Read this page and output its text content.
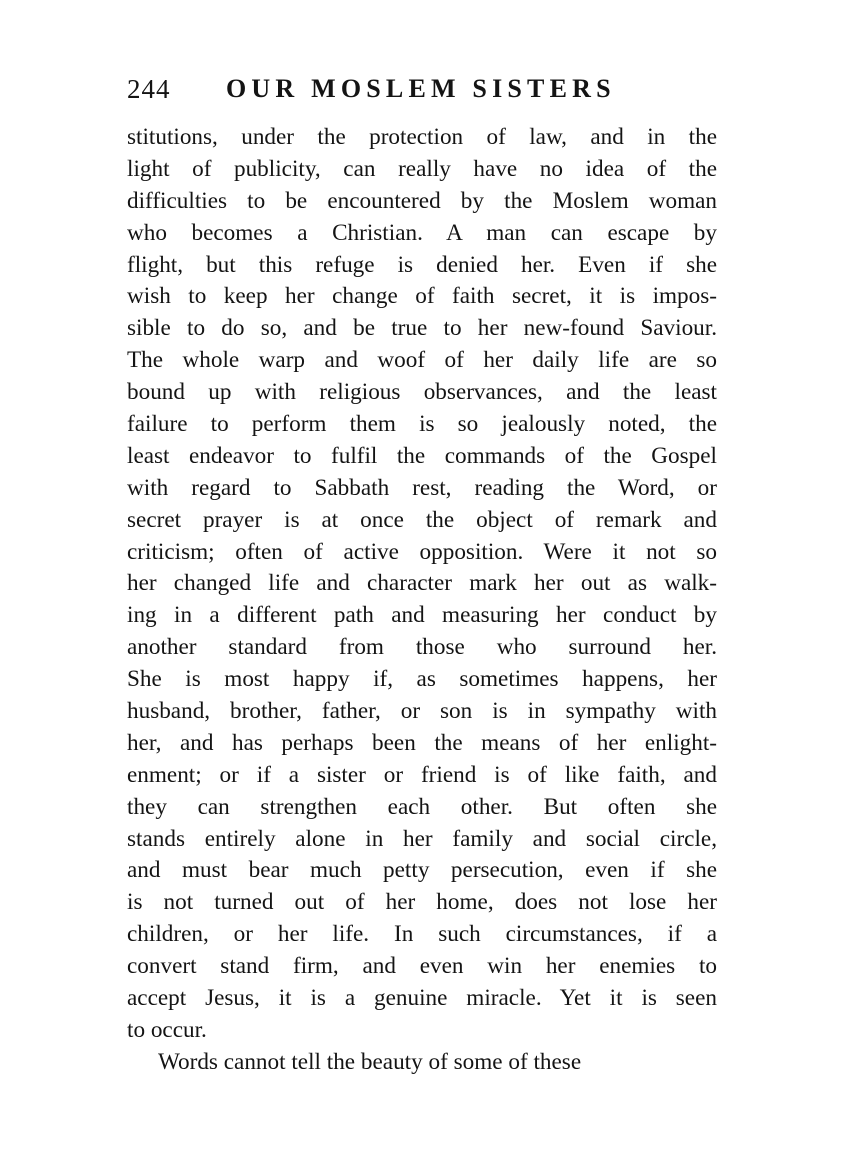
244 OUR MOSLEM SISTERS
stitutions, under the protection of law, and in the
light of publicity, can really have no idea of the
difficulties to be encountered by the Moslem woman
who becomes a Christian. A man can escape by
flight, but this refuge is denied her. Even if she
wish to keep her change of faith secret, it is impos-
sible to do so, and be true to her new-found Saviour.
The whole warp and woof of her daily life are so
bound up with religious observances, and the least
failure to perform them is so jealously noted, the
least endeavor to fulfil the commands of the Gospel
with regard to Sabbath rest, reading the Word, or
secret prayer is at once the object of remark and
criticism; often of active opposition. Were it not so
her changed life and character mark her out as walk-
ing in a different path and measuring her conduct by
another standard from those who surround her.
She is most happy if, as sometimes happens, her
husband, brother, father, or son is in sympathy with
her, and has perhaps been the means of her enlight-
enment; or if a sister or friend is of like faith, and
they can strengthen each other. But often she
stands entirely alone in her family and social circle,
and must bear much petty persecution, even if she
is not turned out of her home, does not lose her
children, or her life. In such circumstances, if a
convert stand firm, and even win her enemies to
accept Jesus, it is a genuine miracle. Yet it is seen
to occur.
Words cannot tell the beauty of some of these
